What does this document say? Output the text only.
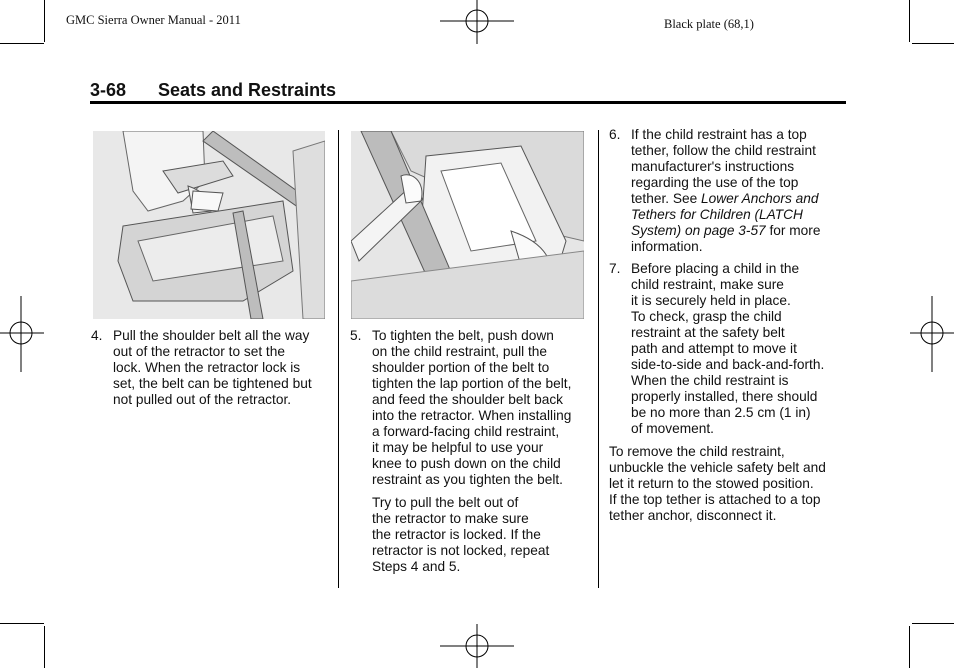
GMC Sierra Owner Manual - 2011	Black plate (68,1)
3-68 Seats and Restraints
4. Pull the shoulder belt all the way
out of the retractor to set the
lock. When the retractor lock is
set, the belt can be tightened but
not pulled out of the retractor.
5. To tighten the belt, push down
on the child restraint, pull the
shoulder portion of the belt to
tighten the lap portion of the belt,
and feed the shoulder belt back
into the retractor. When installing
a forward-facing child restraint,
it may be helpful to use your
knee to push down on the child
restraint as you tighten the belt.
Try to pull the belt out of
the retractor to make sure
the retractor is locked. If the
retractor is not locked, repeat
Steps 4 and 5.
6. If the child restraint has a top
tether, follow the child restraint
manufacturer's instructions
regarding the use of the top
tether. See Lower Anchors and
Tethers for Children (LATCH
System) on page 3-57 for more
information.
7. Before placing a child in the
child restraint, make sure
it is securely held in place.
To check, grasp the child
restraint at the safety belt
path and attempt to move it
side-to-side and back-and-forth.
When the child restraint is
properly installed, there should
be no more than 2.5 cm (1 in)
of movement.
To remove the child restraint,
unbuckle the vehicle safety belt and
let it return to the stowed position.
If the top tether is attached to a top
tether anchor, disconnect it.
